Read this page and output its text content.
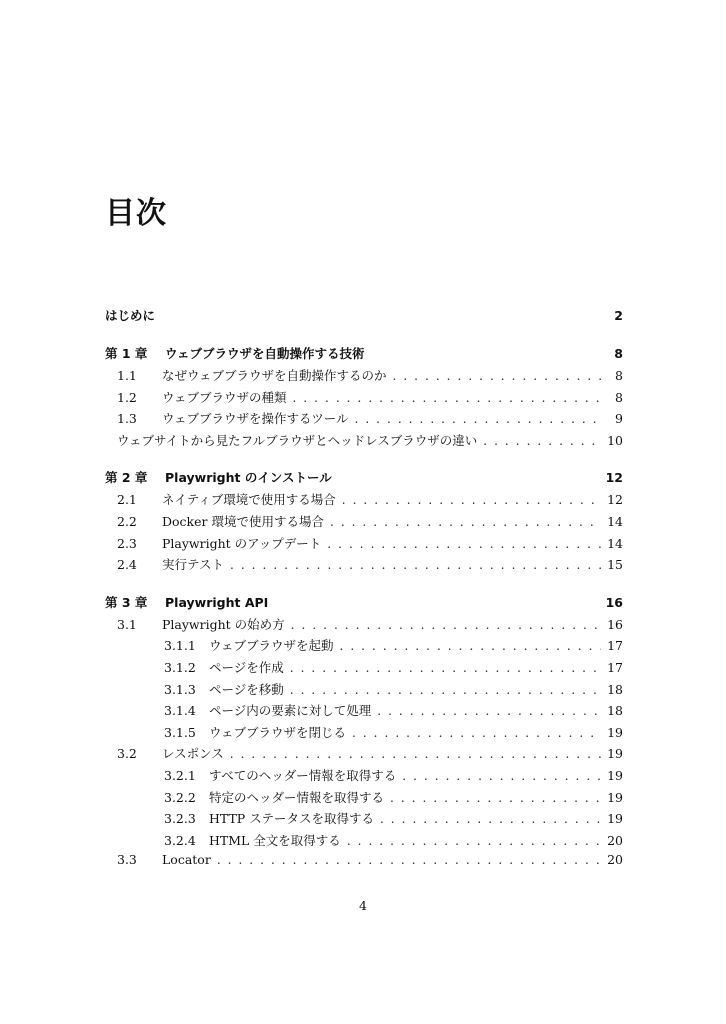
目次
はじめに	2
第 1 章	ウェブブラウザを自動操作する技術	8
1.1	なぜウェブブラウザを自動操作するのか . . .	8
1.2	ウェブブラウザの種類 . . .	8
1.3	ウェブブラウザを操作するツール . . .	9
ウェブサイトから見たフルブラウザとヘッドレスブラウザの違い . . .	10
第 2 章	Playwright のインストール	12
2.1	ネイティブ環境で使用する場合 . . .	12
2.2	Docker 環境で使用する場合 . . .	14
2.3	Playwright のアップデート . . .	14
2.4	実行テスト . . .	15
第 3 章	Playwright API	16
3.1	Playwright の始め方 . . .	16
3.1.1	ウェブブラウザを起動 . . .	17
3.1.2	ページを作成 . . .	17
3.1.3	ページを移動 . . .	18
3.1.4	ページ内の要素に対して処理 . . .	18
3.1.5	ウェブブラウザを閉じる . . .	19
3.2	レスポンス . . .	19
3.2.1	すべてのヘッダー情報を取得する . . .	19
3.2.2	特定のヘッダー情報を取得する . . .	19
3.2.3	HTTP ステータスを取得する . . .	19
3.2.4	HTML 全文を取得する . . .	20
3.3	Locator . . .	20
4
